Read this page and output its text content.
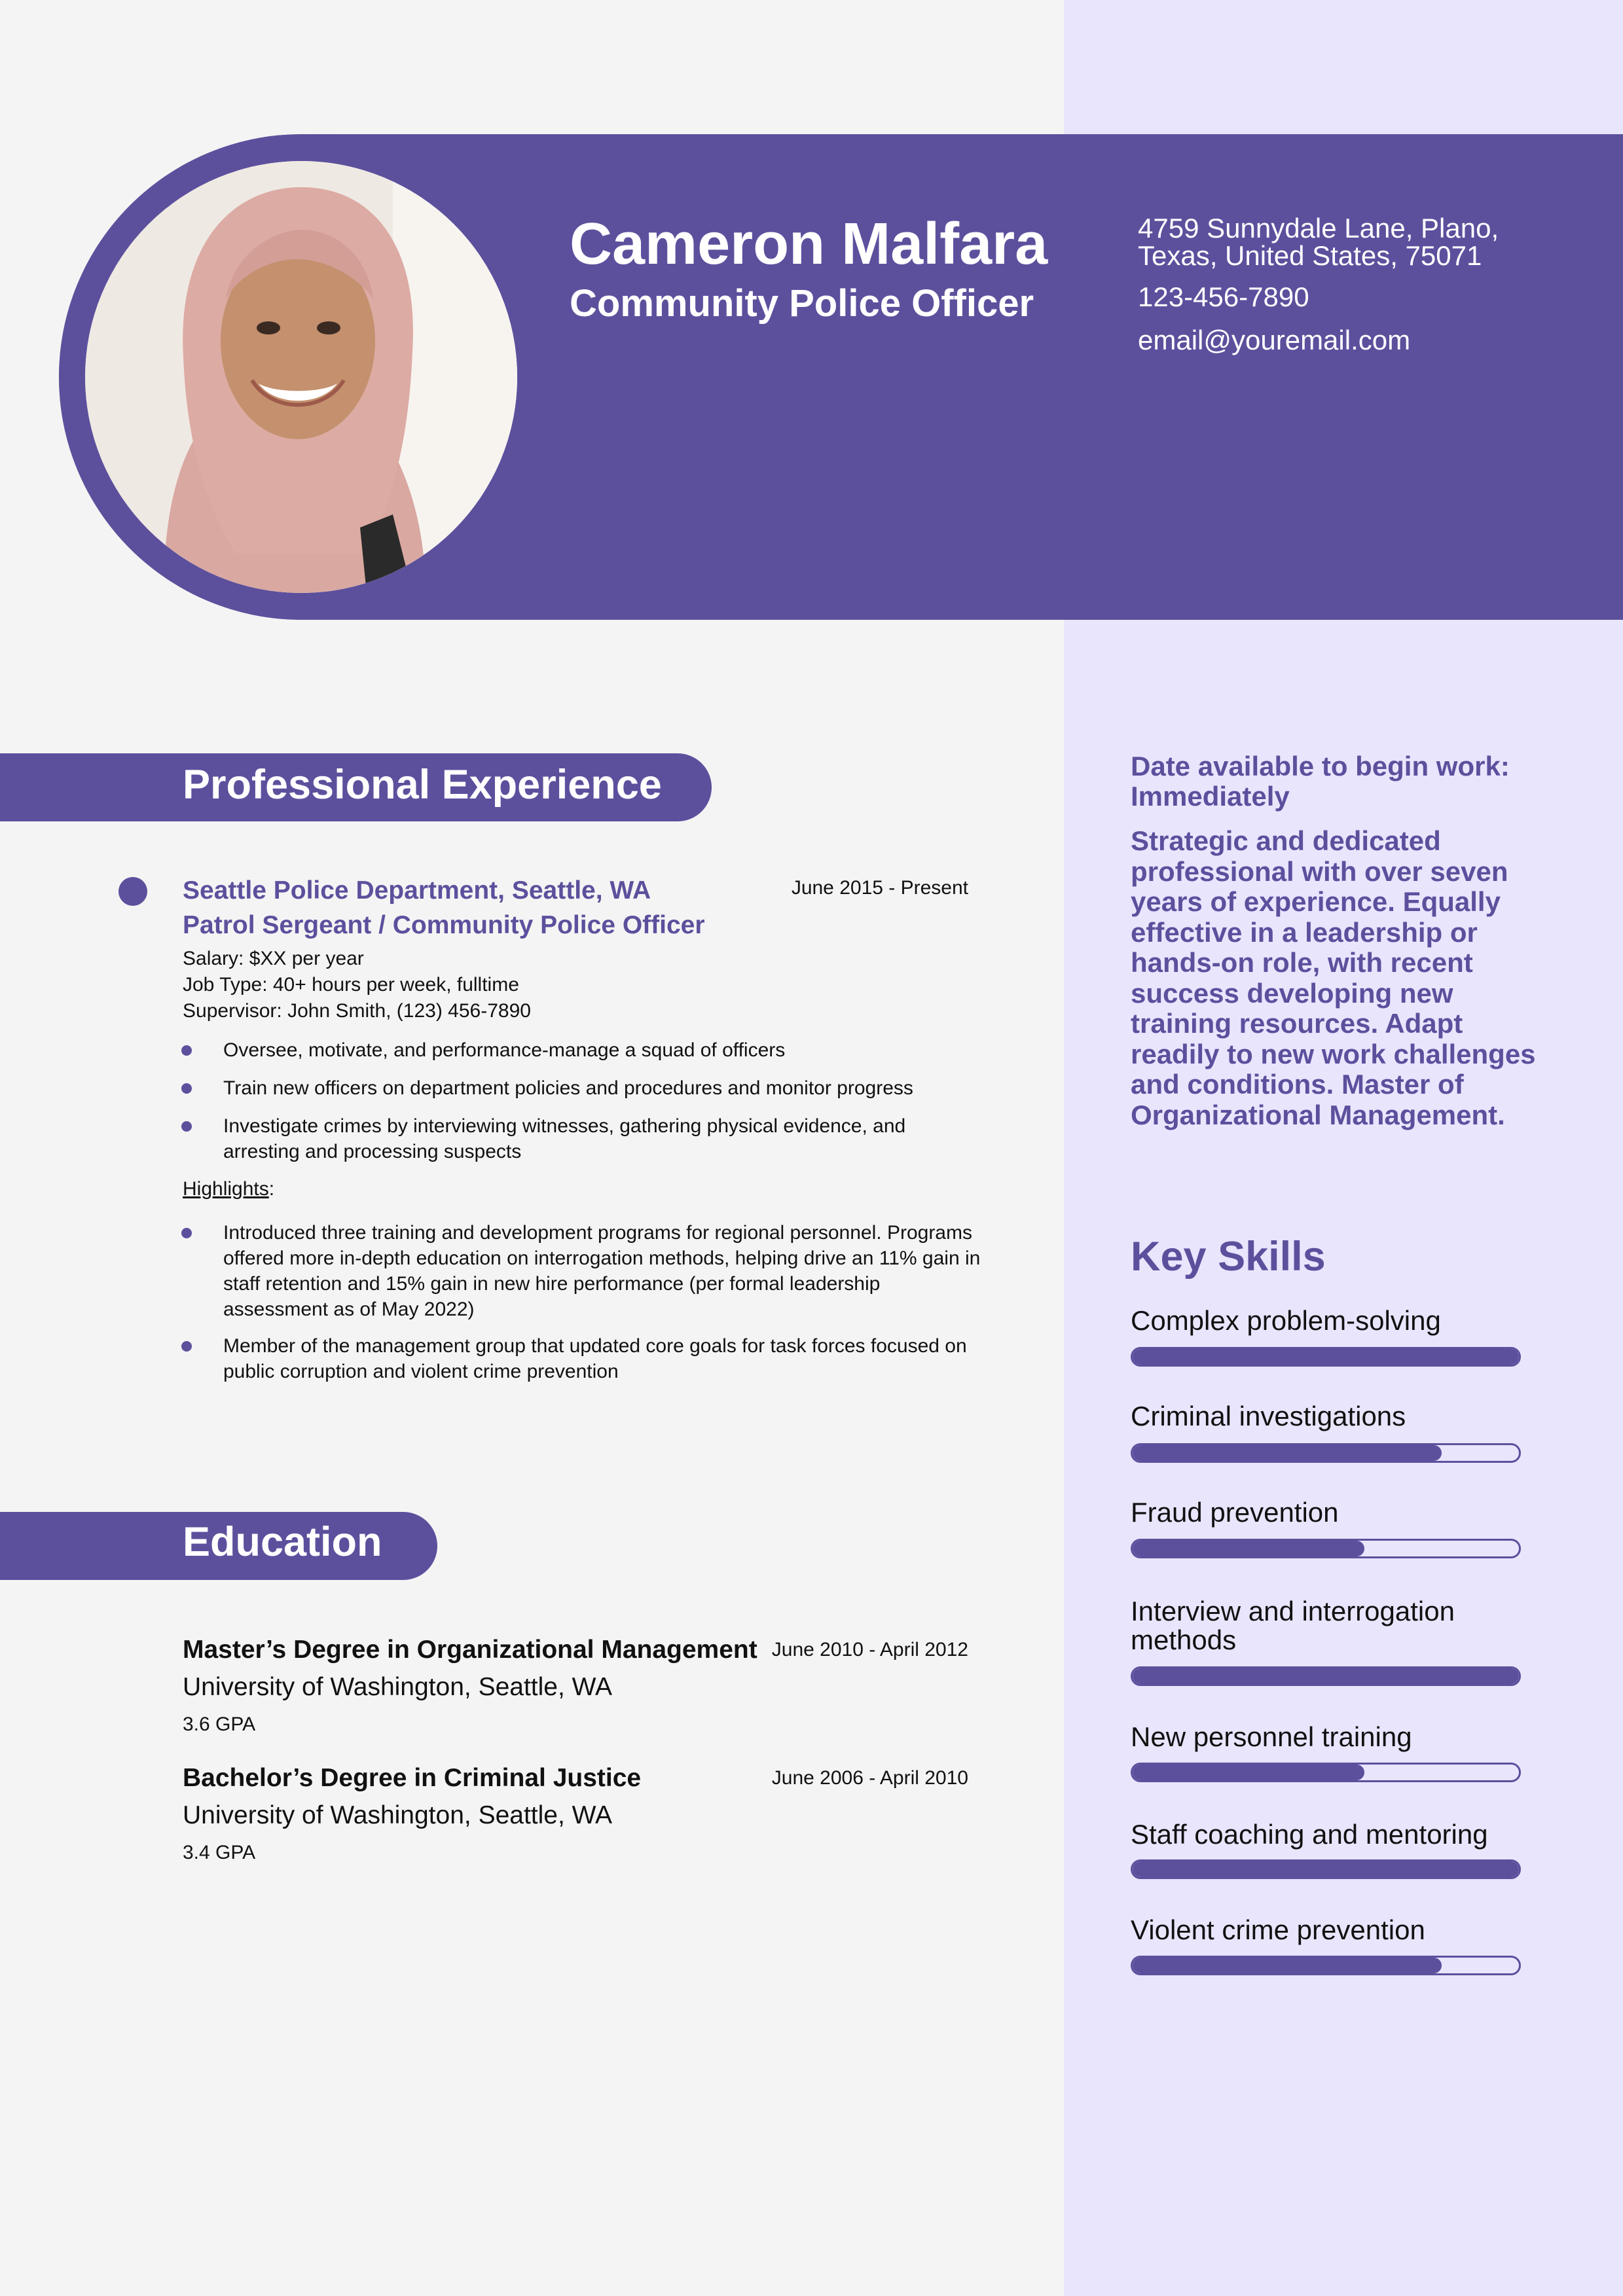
Cameron Malfara
Community Police Officer
4759 Sunnydale Lane, Plano, Texas, United States, 75071
123-456-7890
email@youremail.com
Professional Experience
Seattle Police Department, Seattle, WA	June 2015 - Present
Patrol Sergeant / Community Police Officer
Salary: $XX per year
Job Type: 40+ hours per week, fulltime
Supervisor: John Smith, (123) 456-7890
Oversee, motivate, and performance-manage a squad of officers
Train new officers on department policies and procedures and monitor progress
Investigate crimes by interviewing witnesses, gathering physical evidence, and arresting and processing suspects
Highlights:
Introduced three training and development programs for regional personnel. Programs offered more in-depth education on interrogation methods, helping drive an 11% gain in staff retention and 15% gain in new hire performance (per formal leadership assessment as of May 2022)
Member of the management group that updated core goals for task forces focused on public corruption and violent crime prevention
Education
Master’s Degree in Organizational Management June 2010 - April 2012
University of Washington, Seattle, WA
3.6 GPA
Bachelor’s Degree in Criminal Justice	June 2006 - April 2010
University of Washington, Seattle, WA
3.4 GPA
Date available to begin work: Immediately
Strategic and dedicated professional with over seven years of experience. Equally effective in a leadership or hands-on role, with recent success developing new training resources. Adapt readily to new work challenges and conditions. Master of Organizational Management.
Key Skills
Complex problem-solving
Criminal investigations
Fraud prevention
Interview and interrogation methods
New personnel training
Staff coaching and mentoring
Violent crime prevention
